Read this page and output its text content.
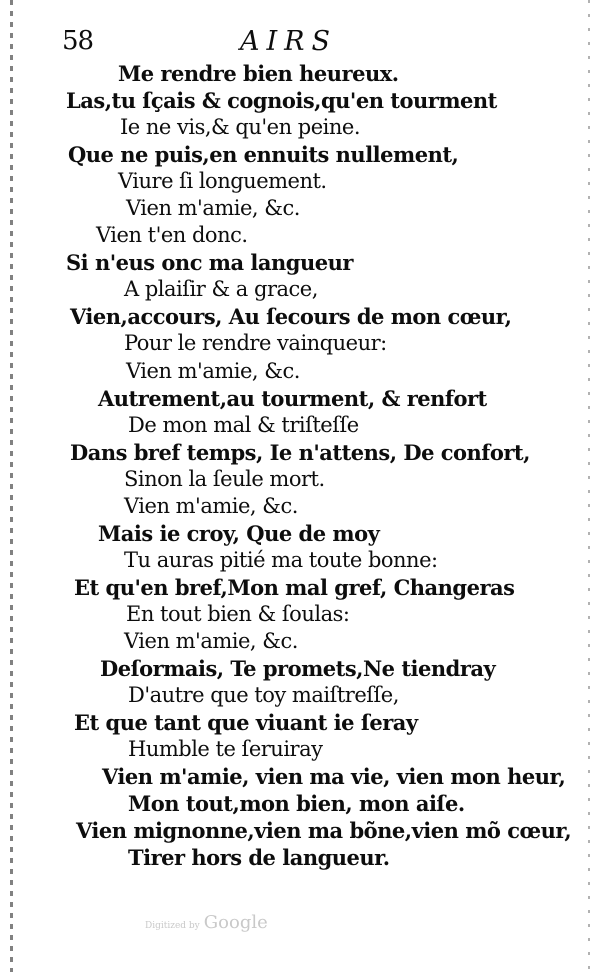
58	AIRS
Me rendre bien heureux.
Las,tu ſçais & cognois,qu'en tourment
Ie ne vis,& qu'en peine.
Que ne puis,en ennuits nullement,
Viure ſi longuement.
Vien m'amie, &c.
Vien t'en donc.
Si n'eus onc ma langueur
A plaiſir & a grace,
Vien,accours, Au ſecours de mon cœur,
Pour le rendre vainqueur:
Vien m'amie, &c.
Autrement,au tourment, & renfort
De mon mal & triſteſſe
Dans bref temps, Ie n'attens, De confort,
Sinon la ſeule mort.
Vien m'amie, &c.
Mais ie croy, Que de moy
Tu auras pitié ma toute bonne:
Et qu'en bref,Mon mal gref, Changeras
En tout bien & ſoulas:
Vien m'amie, &c.
Deſormais, Te promets,Ne tiendray
D'autre que toy maiſtreſſe,
Et que tant que viuant ie ſeray
Humble te ſeruiray
Vien m'amie, vien ma vie, vien mon heur,
Mon tout,mon bien, mon aiſe.
Vien mignonne,vien ma bõne,vien mõ cœur,
Tirer hors de langueur.
Digitized by Google
